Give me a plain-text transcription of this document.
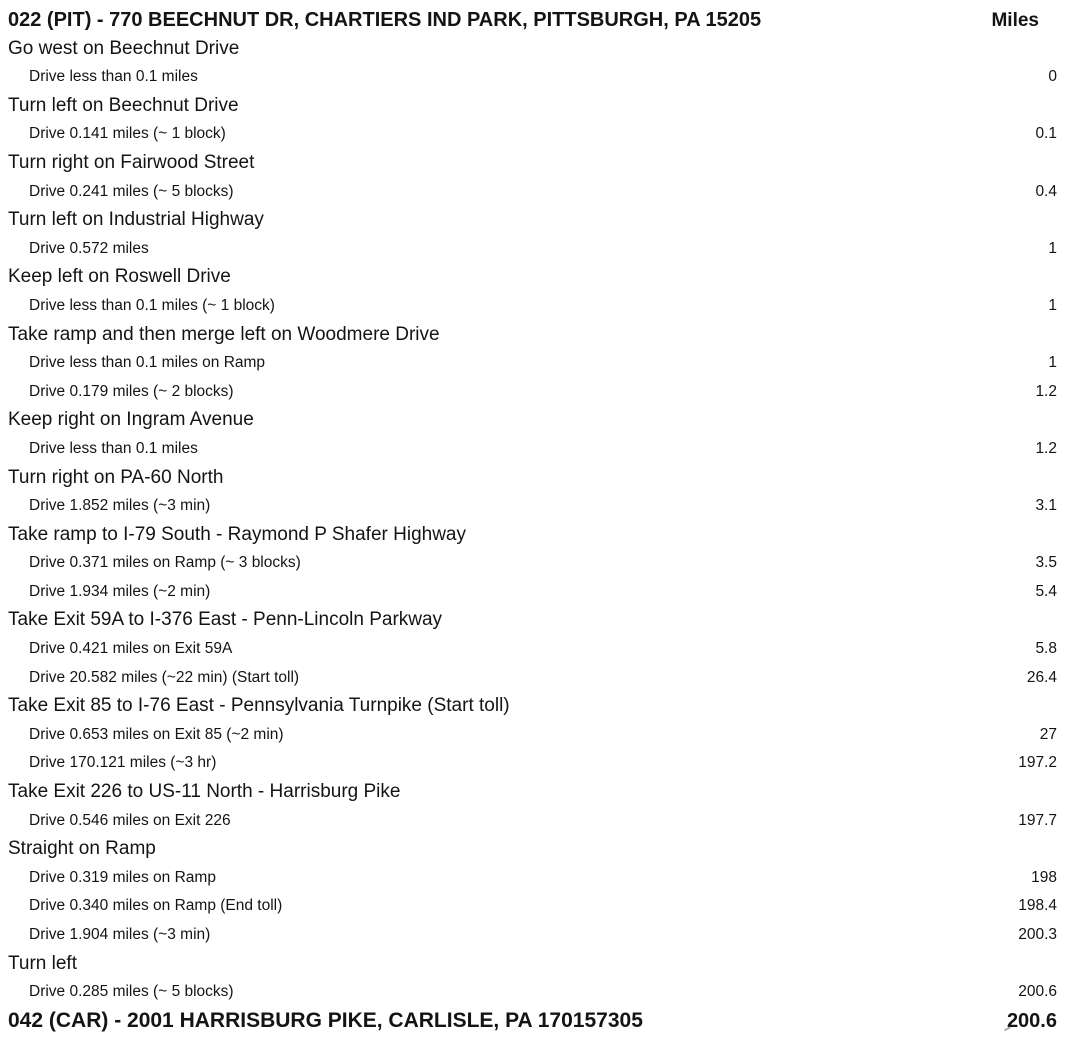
022 (PIT) - 770 BEECHNUT DR, CHARTIERS IND PARK, PITTSBURGH, PA 15205	Miles
Go west on Beechnut Drive
Drive less than 0.1 miles	0
Turn left on Beechnut Drive
Drive 0.141 miles (~ 1 block)	0.1
Turn right on Fairwood Street
Drive 0.241 miles (~ 5 blocks)	0.4
Turn left on Industrial Highway
Drive 0.572 miles	1
Keep left on Roswell Drive
Drive less than 0.1 miles (~ 1 block)	1
Take ramp and then merge left on Woodmere Drive
Drive less than 0.1 miles on Ramp	1
Drive 0.179 miles (~ 2 blocks)	1.2
Keep right on Ingram Avenue
Drive less than 0.1 miles	1.2
Turn right on PA-60 North
Drive 1.852 miles (~3 min)	3.1
Take ramp to I-79 South - Raymond P Shafer Highway
Drive 0.371 miles on Ramp (~ 3 blocks)	3.5
Drive 1.934 miles (~2 min)	5.4
Take Exit 59A to I-376 East - Penn-Lincoln Parkway
Drive 0.421 miles on Exit 59A	5.8
Drive 20.582 miles (~22 min) (Start toll)	26.4
Take Exit 85 to I-76 East - Pennsylvania Turnpike (Start toll)
Drive 0.653 miles on Exit 85 (~2 min)	27
Drive 170.121 miles (~3 hr)	197.2
Take Exit 226 to US-11 North - Harrisburg Pike
Drive 0.546 miles on Exit 226	197.7
Straight on Ramp
Drive 0.319 miles on Ramp	198
Drive 0.340 miles on Ramp (End toll)	198.4
Drive 1.904 miles (~3 min)	200.3
Turn left
Drive 0.285 miles (~ 5 blocks)	200.6
042 (CAR) - 2001 HARRISBURG PIKE, CARLISLE, PA 170157305	200.6
